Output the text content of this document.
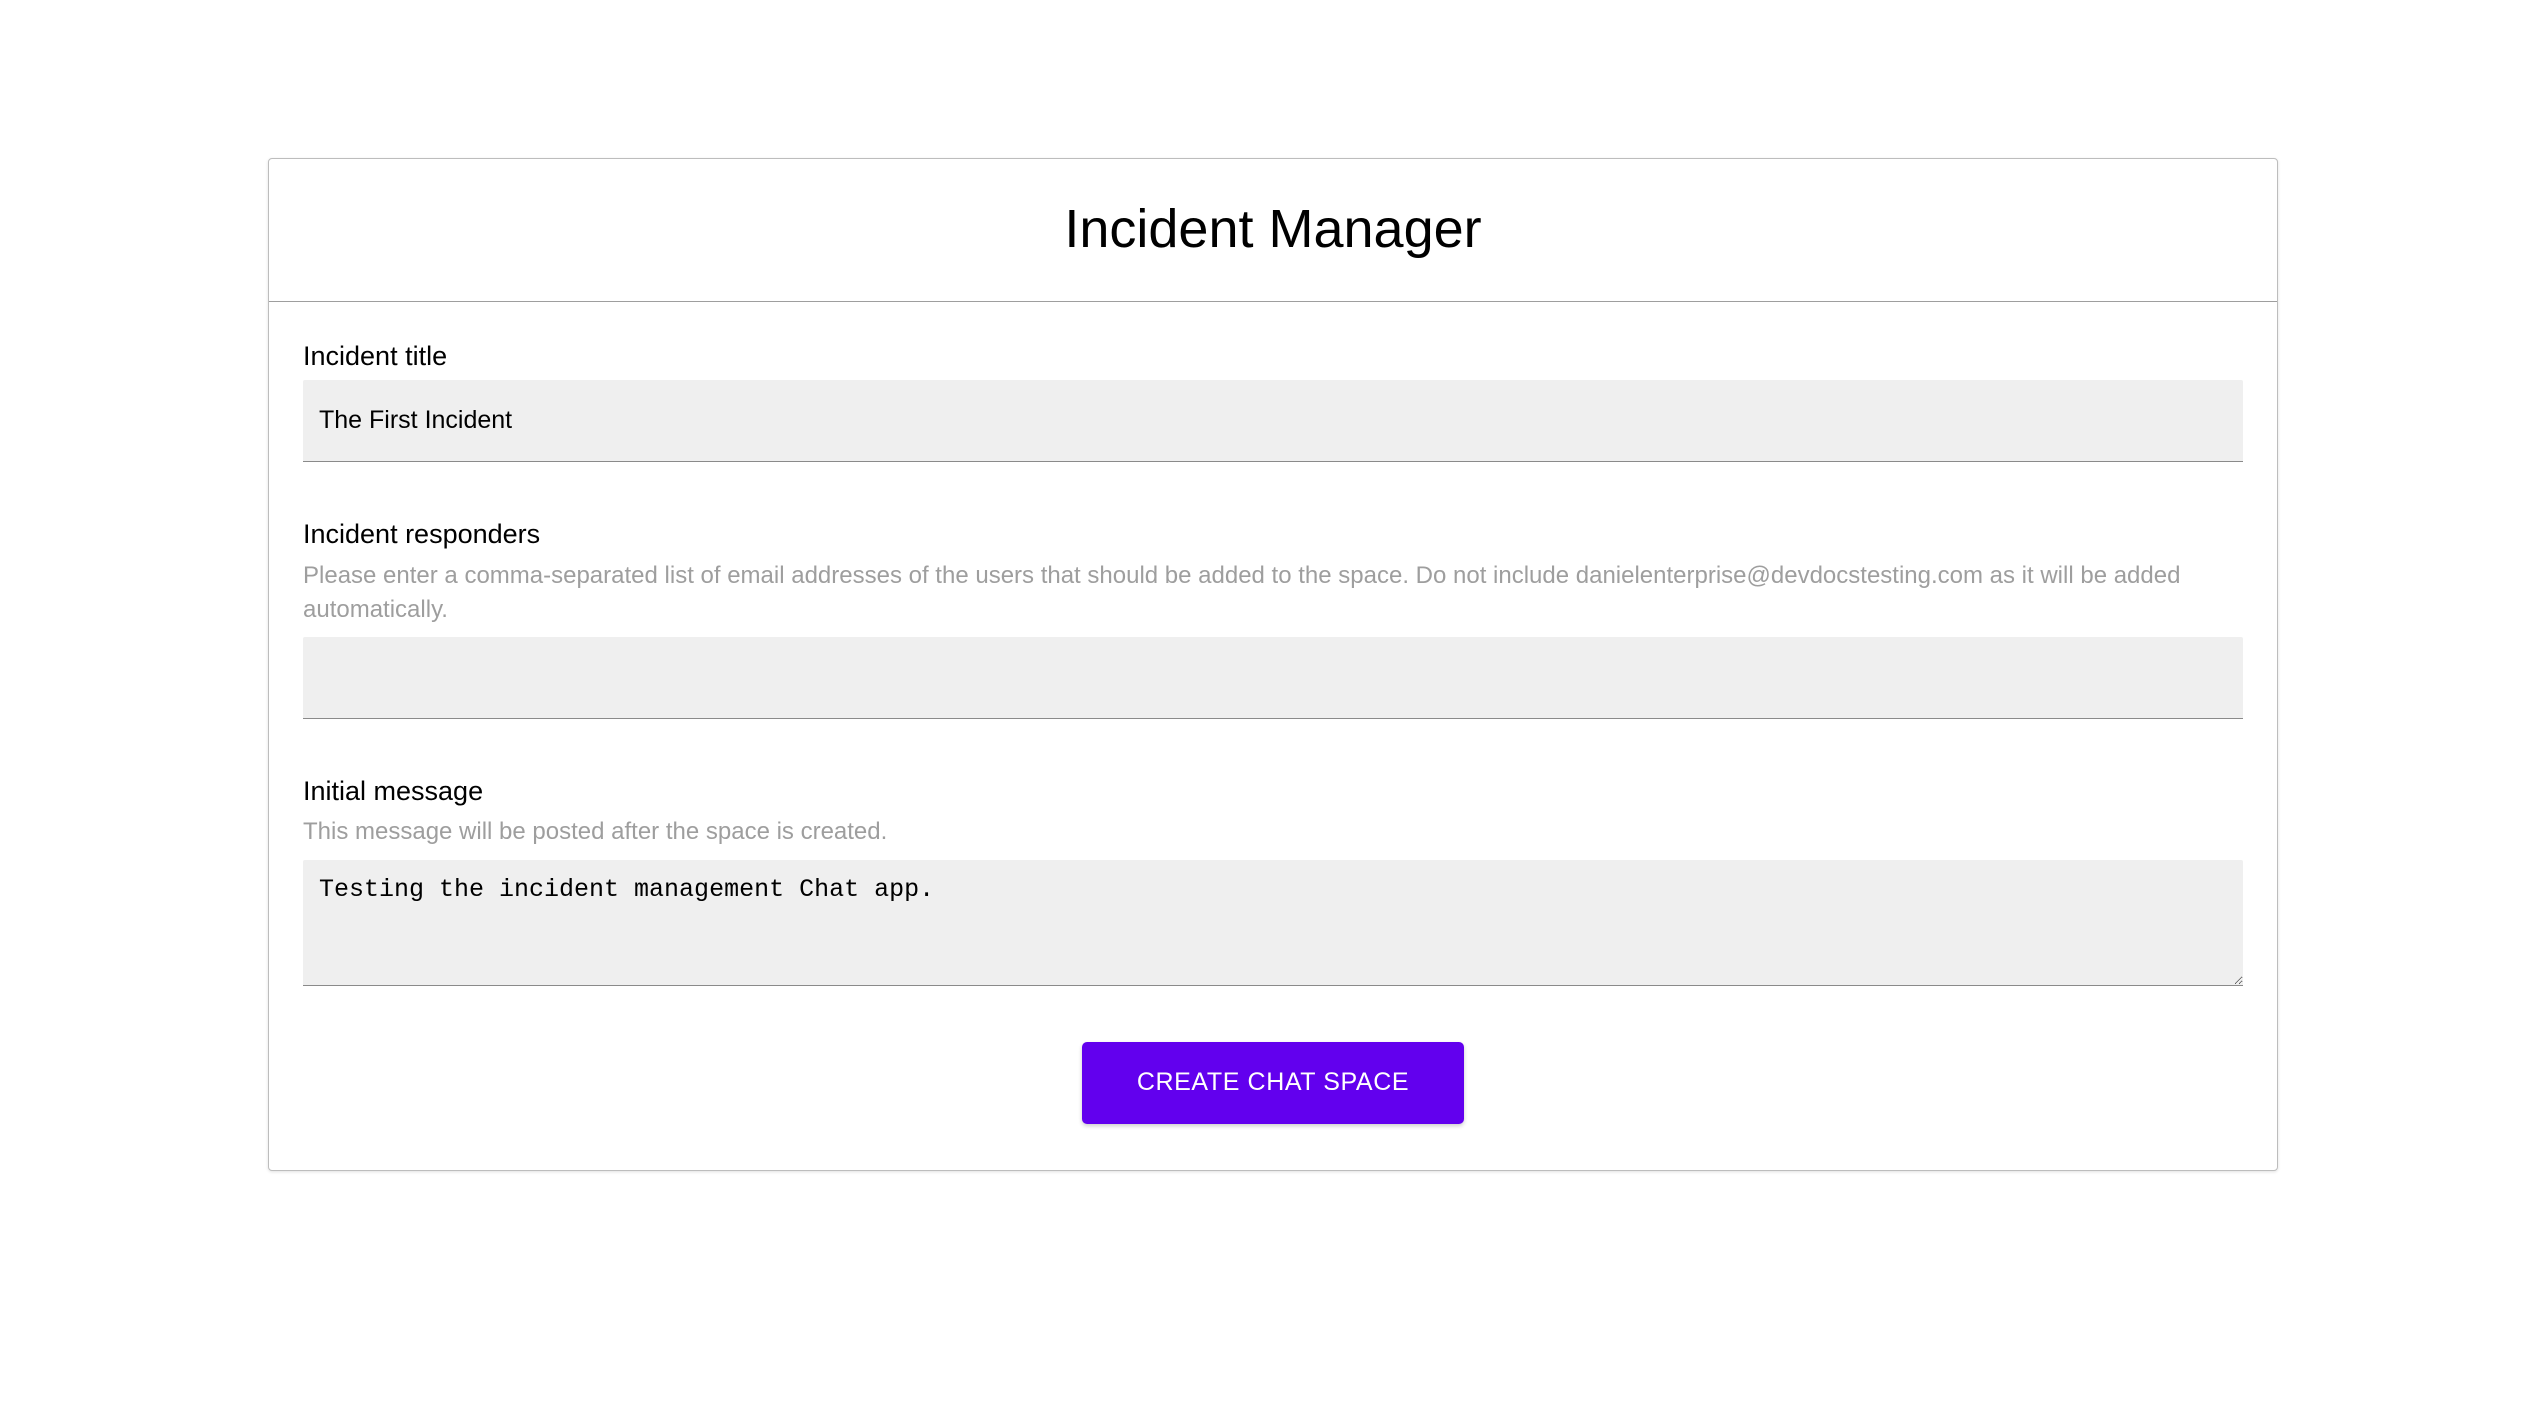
Incident Manager
Incident title
The First Incident
Incident responders
Please enter a comma-separated list of email addresses of the users that should be added to the space. Do not include danielenterprise@devdocstesting.com as it will be added automatically.
Initial message
This message will be posted after the space is created.
Testing the incident management Chat app.
CREATE CHAT SPACE
